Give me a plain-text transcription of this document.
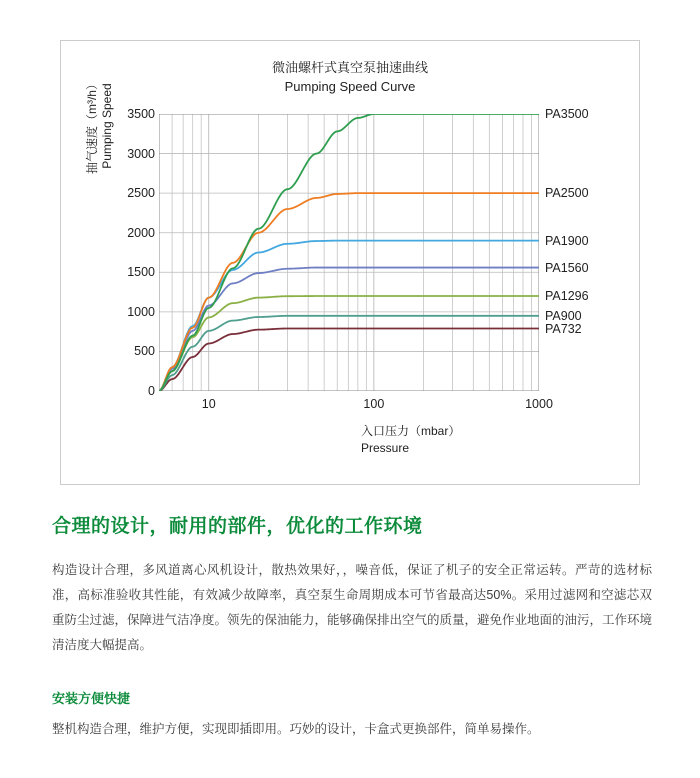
微油螺杆式真空泵抽速曲线
Pumping Speed Curve
抽气速度（m³/h） Pumping Speed
0
500
1000
1500
2000
2500
3000
3500
10	100	1000
入口压力（mbar）
Pressure
PA3500
PA2500
PA1900
PA1560
PA1296
PA900
PA732
合理的设计，耐用的部件，优化的工作环境

构造设计合理，多风道离心风机设计，散热效果好，，噪音低，保证了机子的安全正常运转。严苛的选材标准，高标准验收其性能，有效减少故障率，真空泵生命周期成本可节省最高达50%。采用过滤网和空滤芯双重防尘过滤，保障进气洁净度。领先的保油能力，能够确保排出空气的质量，避免作业地面的油污，工作环境清洁度大幅提高。

安装方便快捷

整机构造合理，维护方便，实现即插即用。巧妙的设计，卡盒式更换部件，简单易操作。
